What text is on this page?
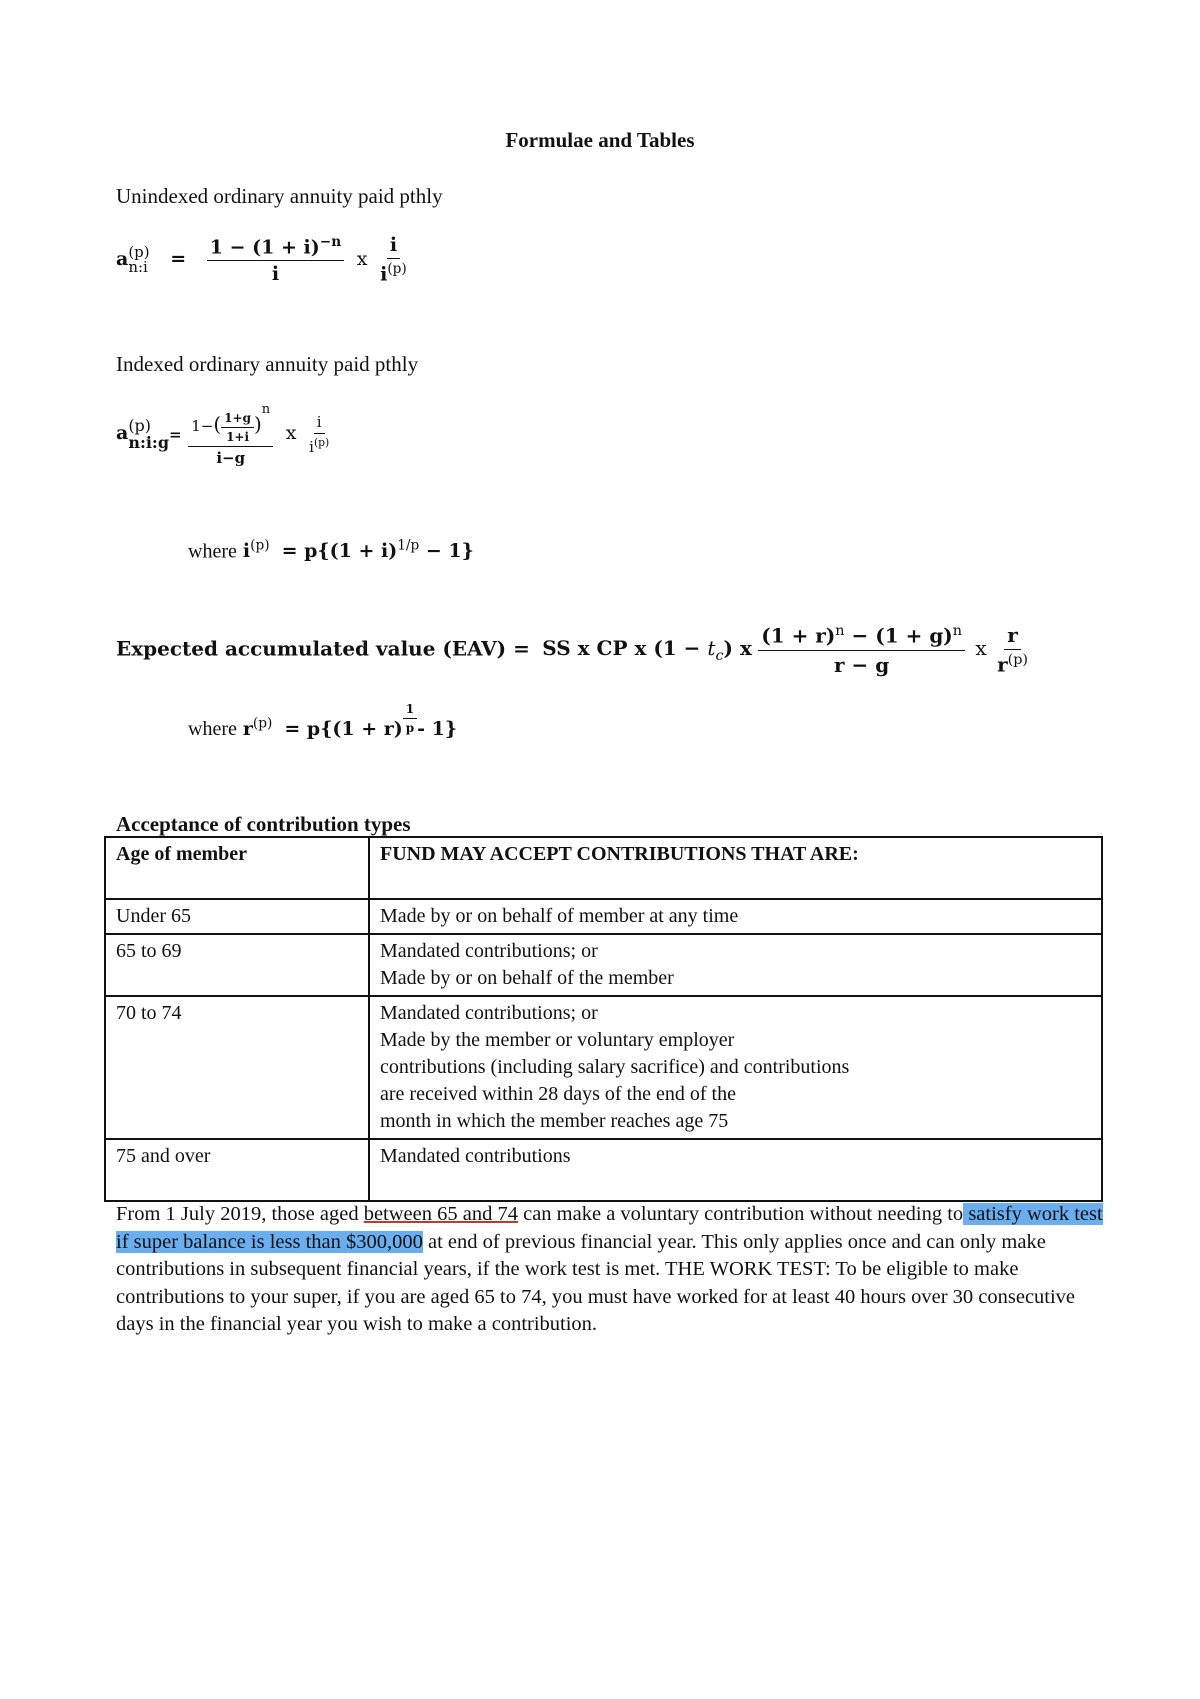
Formulae and Tables
Unindexed ordinary annuity paid pthly
a (p)
n:i = $\frac{1 - (1 + i)^{-n}}{i}$ x $\frac{i}{i^{(p)}}$
Indexed ordinary annuity paid pthly
a (p)
n:i:g = $\frac{1-( \frac{1+g}{1+i} )n}{i-g}$ x $\frac{i}{i^{(p)}}$
where $i^{(p)} = p\{(1 + i)^{1/p} - 1\}$
Expected accumulated value (EAV) = SS x CP x $(1 - t_c)$ x $\frac{(1 + r)^n - (1 + g)^n}{r - g}$ x $\frac{r}{r^{(p)}}$
where $r^{(p)} = p\{(1 + r) \frac{1}{p} - 1\}$
Acceptance of contribution types
Age of member	FUND MAY ACCEPT CONTRIBUTIONS THAT ARE:
Under 65	Made by or on behalf of member at any time

65 to 69	Mandated contributions; or
Made by or on behalf of the member

70 to 74	Mandated contributions; or
Made by the member or voluntary employer
contributions (including salary sacrifice) and contributions
are received within 28 days of the end of the
month in which the member reaches age 75

75 and over	Mandated contributions
From 1 July 2019, those aged between 65 and 74 can make a voluntary contribution without needing to satisfy work test if super balance is less than $300,000 at end of previous financial year. This only applies once and can only make contributions in subsequent financial years, if the work test is met. THE WORK TEST: To be eligible to make contributions to your super, if you are aged 65 to 74, you must have worked for at least 40 hours over 30 consecutive days in the financial year you wish to make a contribution.
